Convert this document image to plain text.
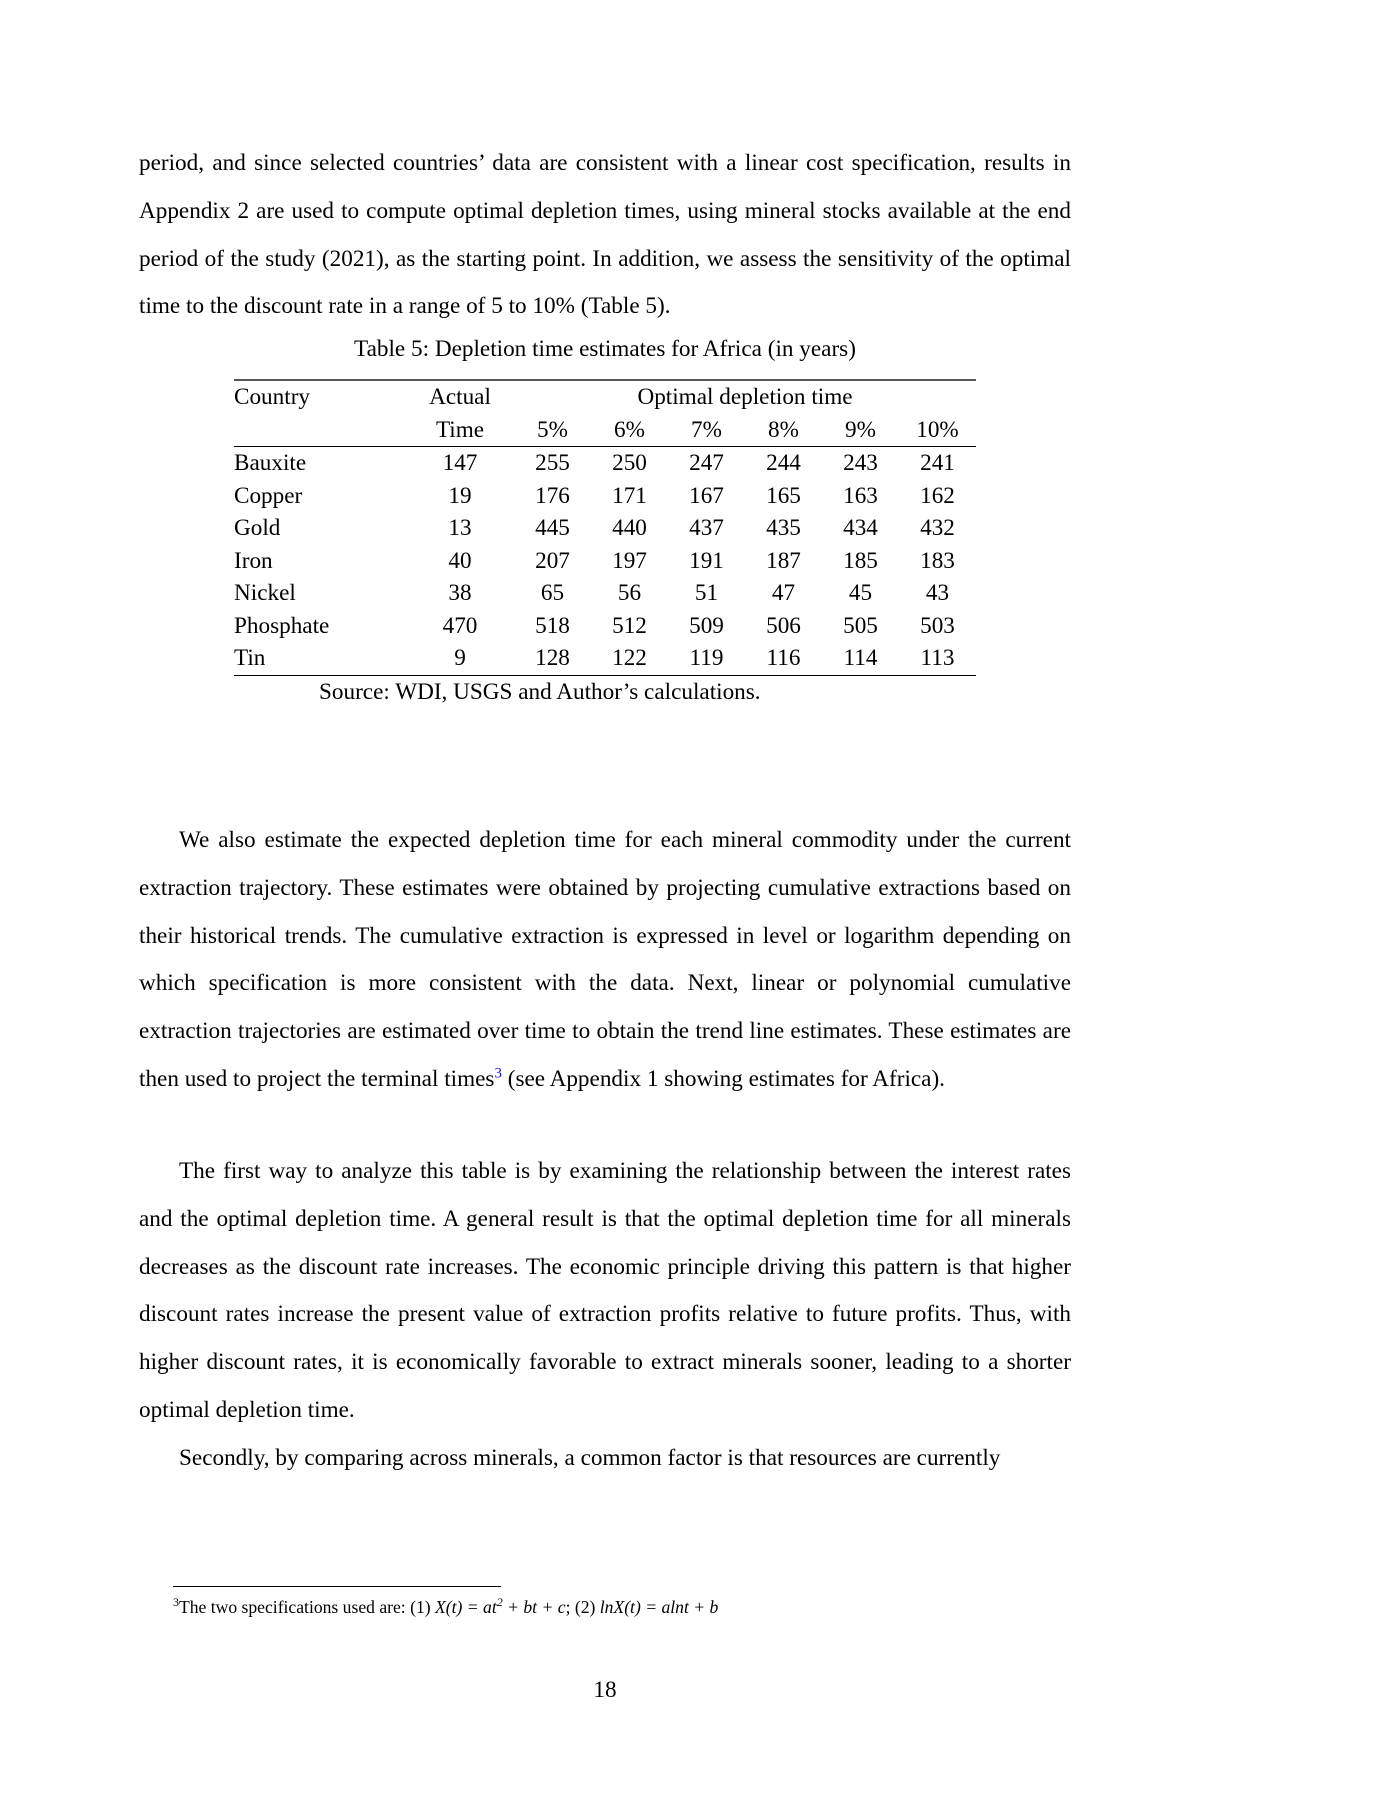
period, and since selected countries’ data are consistent with a linear cost specification, results in Appendix 2 are used to compute optimal depletion times, using mineral stocks available at the end period of the study (2021), as the starting point. In addition, we assess the sensitivity of the optimal time to the discount rate in a range of 5 to 10% (Table 5).

Table 5: Depletion time estimates for Africa (in years)
Country	Actual	Optimal depletion time					
	Time	5%	6%	7%	8%	9%	10%
Bauxite	147	255	250	247	244	243	241
Copper	19	176	171	167	165	163	162
Gold	13	445	440	437	435	434	432
Iron	40	207	197	191	187	185	183
Nickel	38	65	56	51	47	45	43
Phosphate	470	518	512	509	506	505	503
Tin	9	128	122	119	116	114	113
Source: WDI, USGS and Author’s calculations.

We also estimate the expected depletion time for each mineral commodity under the current extraction trajectory. These estimates were obtained by projecting cumulative extractions based on their historical trends. The cumulative extraction is expressed in level or logarithm depending on which specification is more consistent with the data. Next, linear or polynomial cumulative extraction trajectories are estimated over time to obtain the trend line estimates. These estimates are then used to project the terminal times$^3$ (see Appendix 1 showing estimates for Africa).

The first way to analyze this table is by examining the relationship between the interest rates and the optimal depletion time. A general result is that the optimal depletion time for all minerals decreases as the discount rate increases. The economic principle driving this pattern is that higher discount rates increase the present value of extraction profits relative to future profits. Thus, with higher discount rates, it is economically favorable to extract minerals sooner, leading to a shorter optimal depletion time.

Secondly, by comparing across minerals, a common factor is that resources are currently

$^3$The two specifications used are: (1) $X(t) = at^2$ + bt + c; (2) lnX(t) = alnt + b

18
